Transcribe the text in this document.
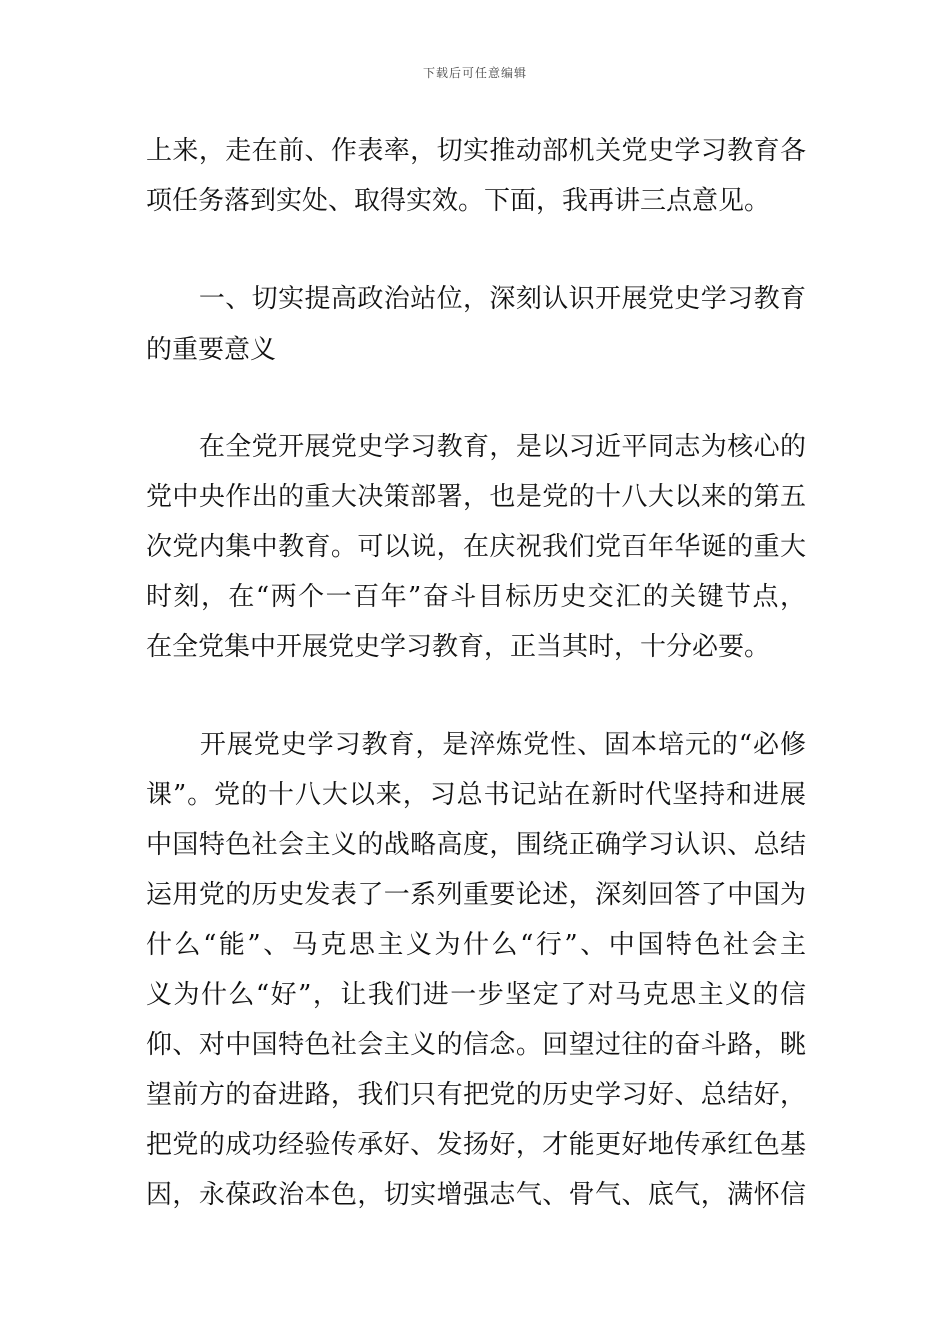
下载后可任意编辑
上来，走在前、作表率，切实推动部机关党史学习教育各
项任务落到实处、取得实效。下面，我再讲三点意见。
　　一、切实提高政治站位，深刻认识开展党史学习教育
的重要意义
　　在全党开展党史学习教育，是以习近平同志为核心的
党中央作出的重大决策部署，也是党的十八大以来的第五
次党内集中教育。可以说，在庆祝我们党百年华诞的重大
时刻，在“两个一百年”奋斗目标历史交汇的关键节点，
在全党集中开展党史学习教育，正当其时，十分必要。
　　开展党史学习教育，是淬炼党性、固本培元的“必修
课”。党的十八大以来，习总书记站在新时代坚持和进展
中国特色社会主义的战略高度，围绕正确学习认识、总结
运用党的历史发表了一系列重要论述，深刻回答了中国为
什么“能”、马克思主义为什么“行”、中国特色社会主
义为什么“好”，让我们进一步坚定了对马克思主义的信
仰、对中国特色社会主义的信念。回望过往的奋斗路，眺
望前方的奋进路，我们只有把党的历史学习好、总结好，
把党的成功经验传承好、发扬好，才能更好地传承红色基
因，永葆政治本色，切实增强志气、骨气、底气，满怀信
